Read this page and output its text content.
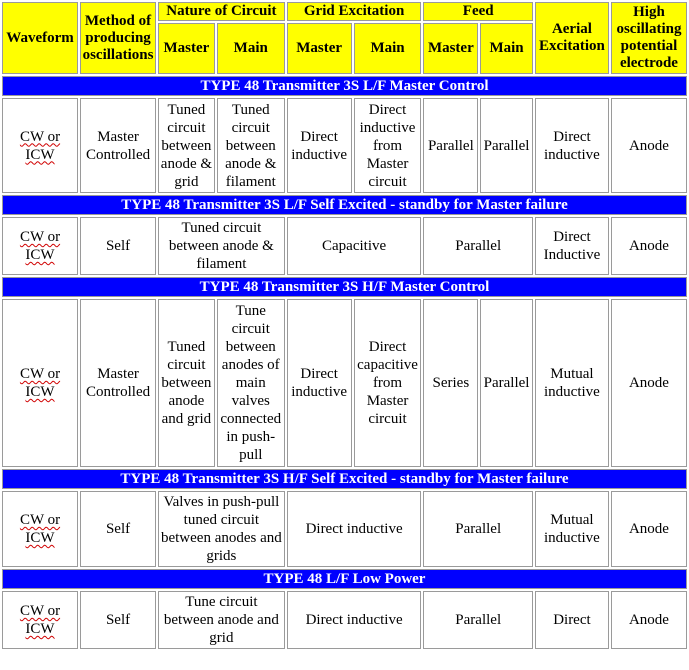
Waveform	Method of producing oscillations	Nature of Circuit		Grid Excitation		Feed		Aerial Excitation	High oscillating potential electrode
		Master	Main	Master	Main	Master	Main		
TYPE 48 Transmitter 3S L/F Master Control									
CW or
ICW	Master Controlled	Tuned circuit between anode & grid	Tuned circuit between anode & filament	Direct inductive	Direct inductive from Master circuit	Parallel	Parallel	Direct inductive	Anode
TYPE 48 Transmitter 3S L/F Self Excited - standby for Master failure									
CW or
ICW	Self	Tuned circuit between anode & filament		Capacitive		Parallel		Direct Inductive	Anode
TYPE 48 Transmitter 3S H/F Master Control									
CW or
ICW	Master Controlled	Tuned circuit between anode and grid	Tune circuit between anodes of main valves connected in push-pull	Direct inductive	Direct capacitive from Master circuit	Series	Parallel	Mutual inductive	Anode
TYPE 48 Transmitter 3S H/F Self Excited - standby for Master failure									
CW or
ICW	Self	Valves in push-pull tuned circuit between anodes and grids		Direct inductive		Parallel		Mutual inductive	Anode
TYPE 48 L/F Low Power									
CW or
ICW	Self	Tune circuit between anode and grid		Direct inductive		Parallel		Direct	Anode
